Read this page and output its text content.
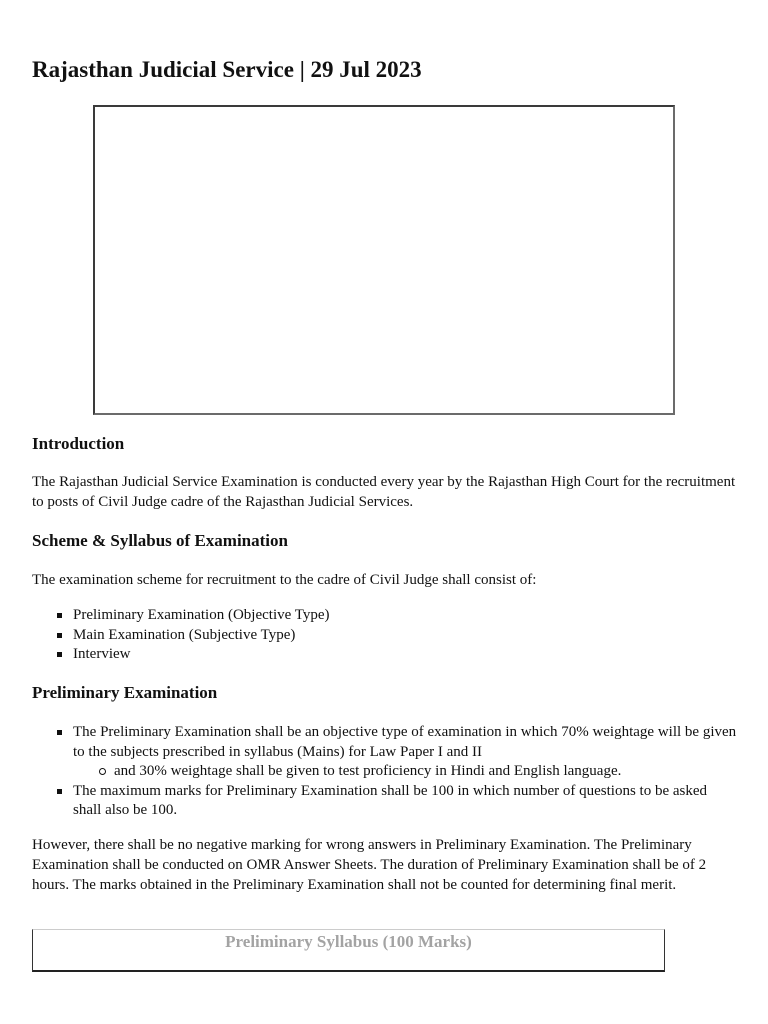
Rajasthan Judicial Service | 29 Jul 2023
Introduction

The Rajasthan Judicial Service Examination is conducted every year by the Rajasthan High Court for the recruitment to posts of Civil Judge cadre of the Rajasthan Judicial Services.

Scheme & Syllabus of Examination

The examination scheme for recruitment to the cadre of Civil Judge shall consist of:

Preliminary Examination (Objective Type)
Main Examination (Subjective Type)
Interview
Preliminary Examination
The Preliminary Examination shall be an objective type of examination in which 70% weightage will be given to the subjects prescribed in syllabus (Mains) for Law Paper I and II
and 30% weightage shall be given to test proficiency in Hindi and English language.
The maximum marks for Preliminary Examination shall be 100 in which number of questions to be asked shall also be 100.

However, there shall be no negative marking for wrong answers in Preliminary Examination. The Preliminary Examination shall be conducted on OMR Answer Sheets. The duration of Preliminary Examination shall be of 2 hours. The marks obtained in the Preliminary Examination shall not be counted for determining final merit.

Preliminary Syllabus (100 Marks)
